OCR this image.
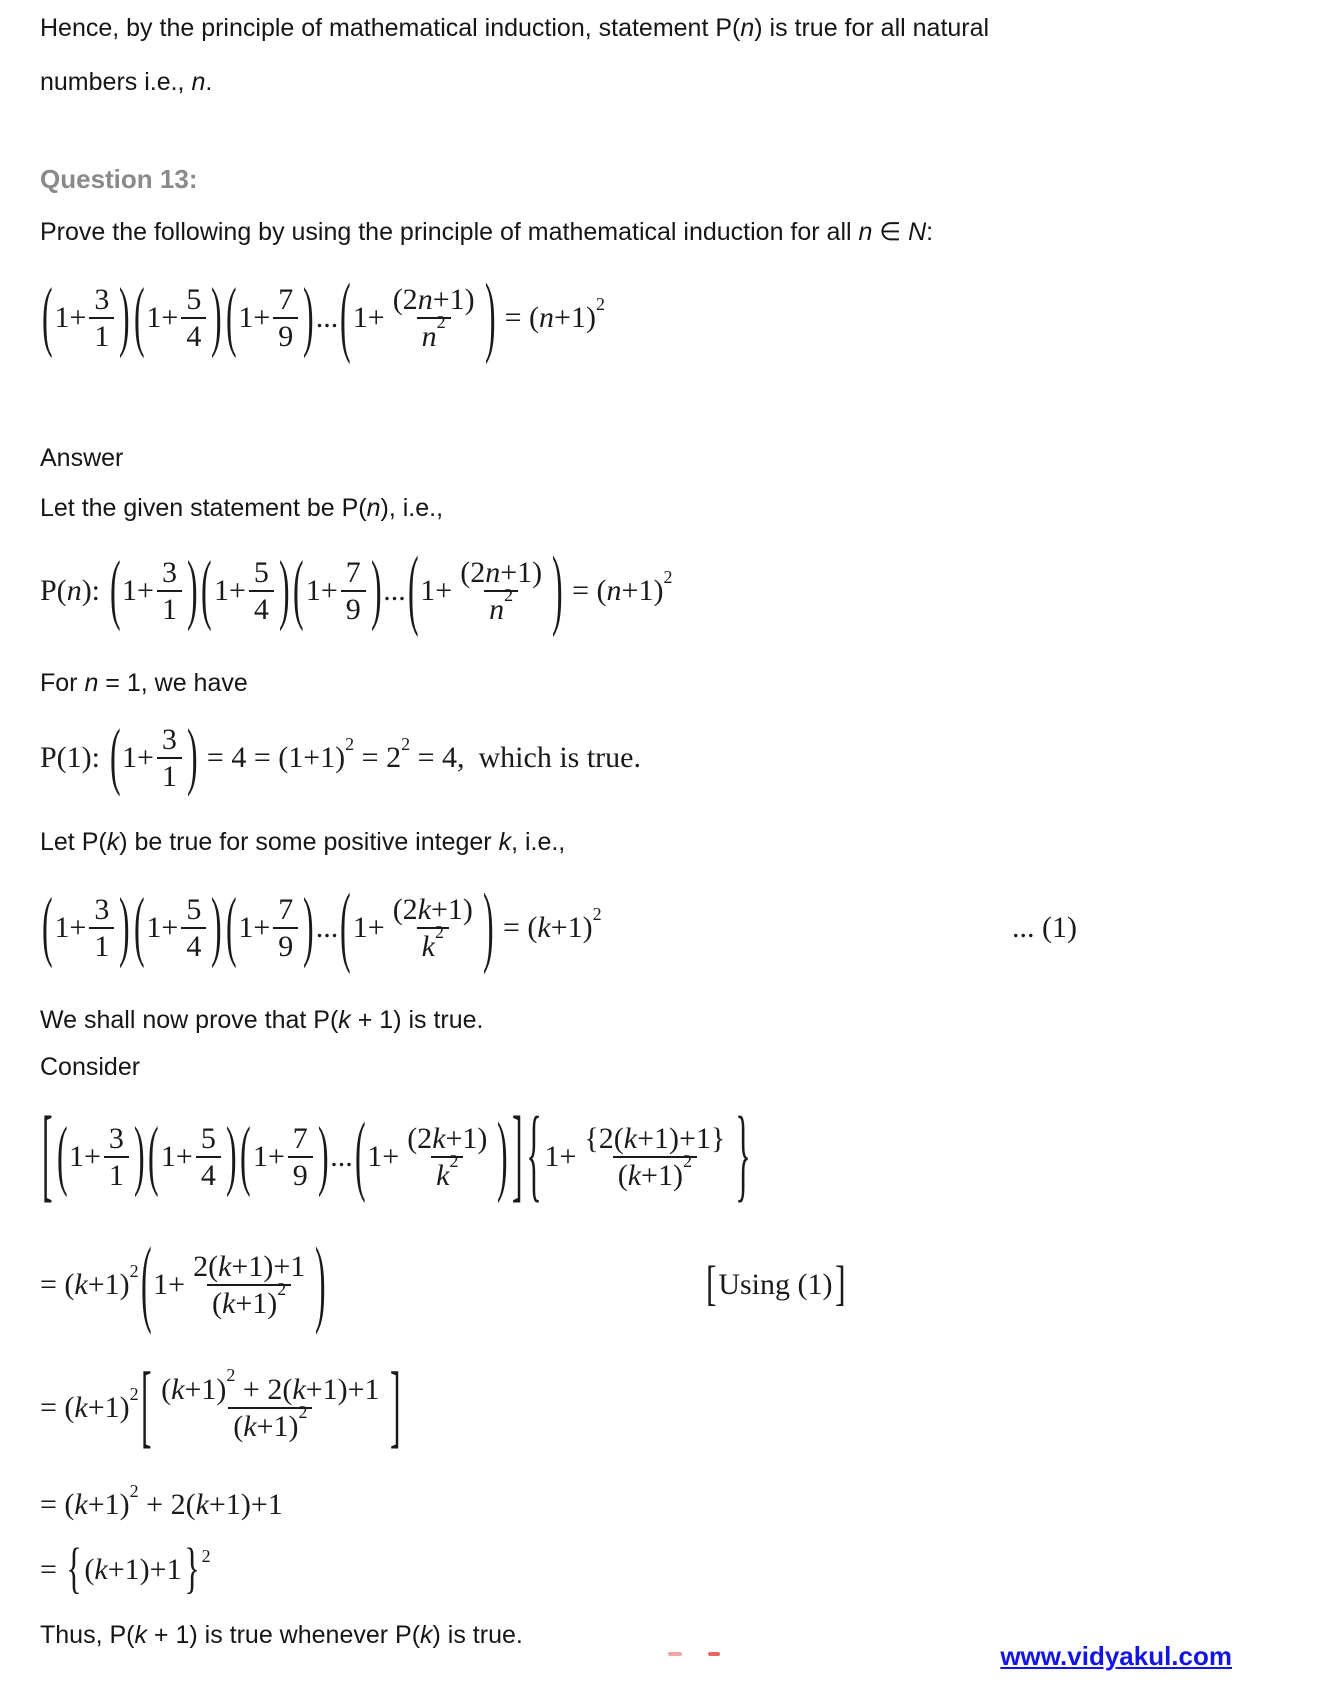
Hence, by the principle of mathematical induction, statement P(n) is true for all natural
numbers i.e., n.
Question 13:
Prove the following by using the principle of mathematical induction for all n ∈ N:
( $1+ \frac{3}{1}$ ) ( $1+ \frac{5}{4}$ ) ( $1+ \frac{7}{9}$ ) ... ( $1+ \frac{(2 n +1)}{n 2}$ ) = ( n +1) 2
Answer
Let the given statement be P(n), i.e.,
P( n ): ( $1+ \frac{3}{1}$ ) ( $1+ \frac{5}{4}$ ) ( $1+ \frac{7}{9}$ ) ... ( $1+ \frac{(2 n +1)}{n 2}$ ) = ( n +1) 2
For n = 1, we have
P(1): ( $1+ \frac{3}{1}$ ) = 4 = (1+1) 2 = 2 2 = 4, which is true.
Let P(k) be true for some positive integer k, i.e.,
( $1+ \frac{3}{1}$ ) ( $1+ \frac{5}{4}$ ) ( $1+ \frac{7}{9}$ ) ... ( $1+ \frac{(2 k +1)}{k 2}$ ) = ( k +1) 2	... (1)
We shall now prove that P(k + 1) is true.
Consider
[ ( $1+ \frac{3}{1}$ ) ( $1+ \frac{5}{4}$ ) ( $1+ \frac{7}{9}$ ) ... ( $1+ \frac{(2 k +1)}{k 2}$ ) ] { $1+ \frac{\{2( k +1)+1\}}{( k +1) 2}$ }
= ( k +1) 2 ( $1+ \frac{2( k +1)+1}{( k +1) 2}$ )	[ Using (1) ]
= ( k +1) 2 [ $\frac{( k +1) 2 + 2( k +1)+1}{( k +1) 2}$ ]
= ( k +1) 2 + 2( k +1)+1
= { ( k +1)+1 } 2
Thus, P(k + 1) is true whenever P(k) is true.
www.vidyakul.com
